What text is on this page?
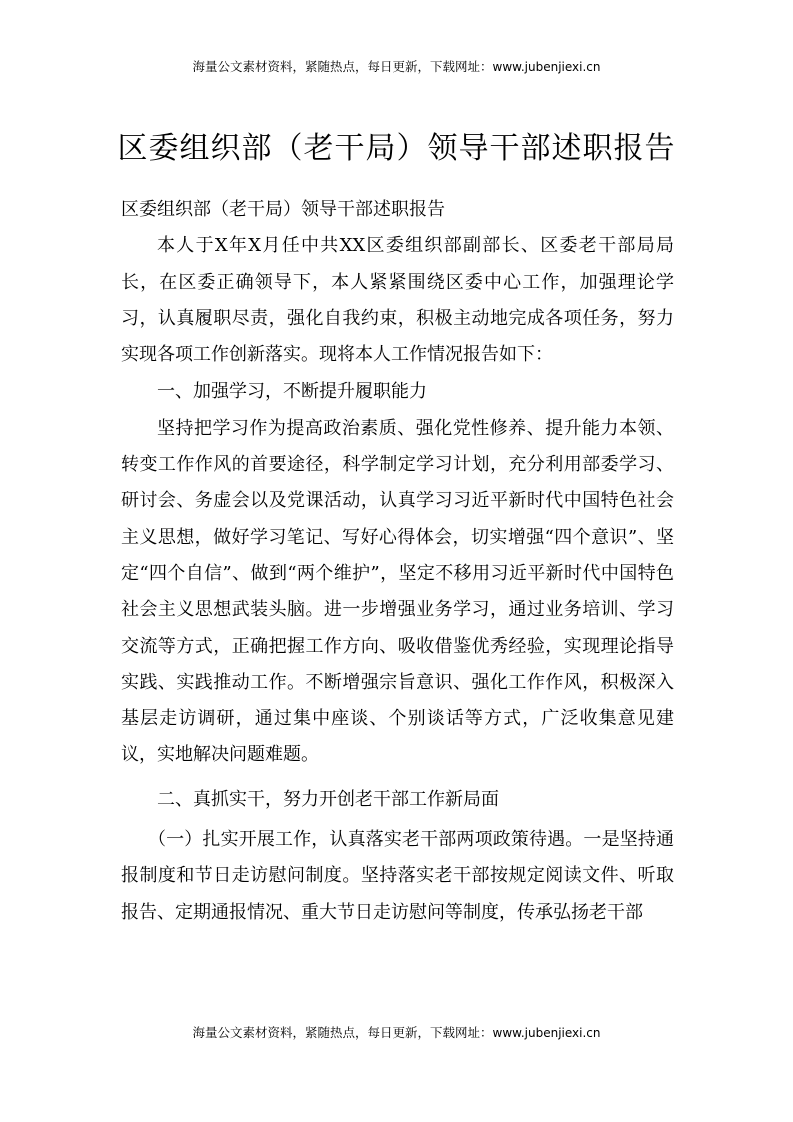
海量公文素材资料，紧随热点，每日更新，下载网址：www.jubenjiexi.cn
区委组织部（老干局）领导干部述职报告

区委组织部（老干局）领导干部述职报告

本人于X年X月任中共XX区委组织部副部长、区委老干部局局长，在区委正确领导下，本人紧紧围绕区委中心工作，加强理论学习，认真履职尽责，强化自我约束，积极主动地完成各项任务，努力实现各项工作创新落实。现将本人工作情况报告如下：

一、加强学习，不断提升履职能力

坚持把学习作为提高政治素质、强化党性修养、提升能力本领、转变工作作风的首要途径，科学制定学习计划，充分利用部委学习、研讨会、务虚会以及党课活动，认真学习习近平新时代中国特色社会主义思想，做好学习笔记、写好心得体会，切实增强“四个意识”、坚定“四个自信”、做到“两个维护”，坚定不移用习近平新时代中国特色社会主义思想武装头脑。进一步增强业务学习，通过业务培训、学习交流等方式，正确把握工作方向、吸收借鉴优秀经验，实现理论指导实践、实践推动工作。不断增强宗旨意识、强化工作作风，积极深入基层走访调研，通过集中座谈、个别谈话等方式，广泛收集意见建议，实地解决问题难题。

二、真抓实干，努力开创老干部工作新局面

（一）扎实开展工作，认真落实老干部两项政策待遇。一是坚持通报制度和节日走访慰问制度。坚持落实老干部按规定阅读文件、听取报告、定期通报情况、重大节日走访慰问等制度，传承弘扬老干部

海量公文素材资料，紧随热点，每日更新，下载网址：www.jubenjiexi.cn
